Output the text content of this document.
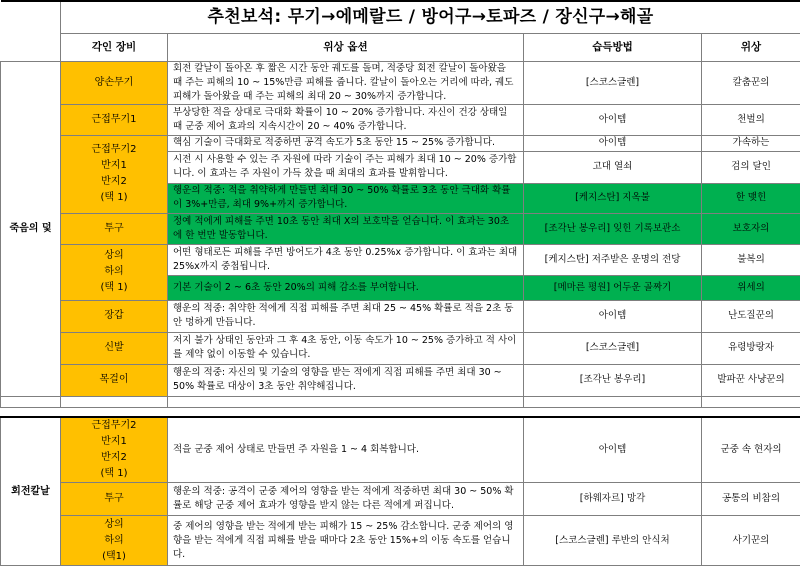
	추천보석: 무기→에메랄드 / 방어구→토파즈 / 장신구→해골			
	각인 장비	위상 옵션	습득방법	위상
죽음의 덫	양손무기	회전 칼날이 돌아온 후 짧은 시간 동안 궤도를 돌며, 적중당 회전 칼날이 돌아왔을 때 주는 피해의 10 ~ 15%만큼 피해를 줍니다. 칼날이 돌아오는 거리에 따라, 궤도 피해가 돌아왔을 때 주는 피해의 최대 20 ~ 30%까지 증가합니다.	[스코스글렌]	칼춤꾼의
	근접무기1	부상당한 적을 상대로 극대화 확률이 10 ~ 20% 증가합니다. 자신이 건강 상태일 때 군중 제어 효과의 지속시간이 20 ~ 40% 증가합니다.	아이템	천벌의
	근접무기2
반지1
반지2
(택 1)	핵심 기술이 극대화로 적중하면 공격 속도가 5초 동안 15 ~ 25% 증가합니다.	아이템	가속하는
		시전 시 사용할 수 있는 주 자원에 따라 기술이 주는 피해가 최대 10 ~ 20% 증가합니다. 이 효과는 주 자원이 가득 찼을 때 최대의 효과를 발휘합니다.	고대 열쇠	검의 달인
		행운의 적중: 적을 취약하게 만들면 최대 30 ~ 50% 확률로 3초 동안 극대화 확률이 3%+만큼, 최대 9%+까지 증가합니다.	[케지스탄] 지옥불	한 맺힌
	투구	정예 적에게 피해를 주면 10초 동안 최대 X의 보호막을 얻습니다. 이 효과는 30초에 한 번만 발동합니다.	[조각난 봉우리] 잊힌 기록보관소	보호자의
	상의
하의
(택 1)	어떤 형태로든 피해를 주면 방어도가 4초 동안 0.25%x 증가합니다. 이 효과는 최대 25%x까지 중첩됩니다.	[케지스탄] 저주받은 운명의 전당	불복의
		기본 기술이 2 ~ 6초 동안 20%의 피해 감소를 부여합니다.	[메마른 평원] 어두운 골짜기	위세의
	장갑	행운의 적중: 취약한 적에게 직접 피해를 주면 최대 25 ~ 45% 확률로 적을 2초 동안 멍하게 만듭니다.	아이템	난도질꾼의
	신발	저지 불가 상태인 동안과 그 후 4초 동안, 이동 속도가 10 ~ 25% 증가하고 적 사이를 제약 없이 이동할 수 있습니다.	[스코스글렌]	유령방랑자
	목걸이	행운의 적중: 자신의 및 기술의 영향을 받는 적에게 직접 피해를 주면 최대 30 ~ 50% 확률로 대상이 3초 동안 취약해집니다.	[조각난 봉우리]	발파꾼 사냥꾼의

회전칼날	근접무기2
반지1
반지2
(택 1)	적을 군중 제어 상태로 만들면 주 자원을 1 ~ 4 회복합니다.	아이템	군중 속 현자의
	투구	행운의 적중: 공격이 군중 제어의 영향을 받는 적에게 적중하면 최대 30 ~ 50% 확률로 해당 군중 제어 효과가 영향을 받지 않는 다른 적에게 퍼집니다.	[하웨자르] 망각	공통의 비참의
	상의
하의
(택1)	중 제어의 영향을 받는 적에게 받는 피해가 15 ~ 25% 감소합니다. 군중 제어의 영향을 받는 적에게 직접 피해를 받을 때마다 2초 동안 15%+의 이동 속도를 얻습니다.	[스코스글렌] 루반의 안식처	사기꾼의
